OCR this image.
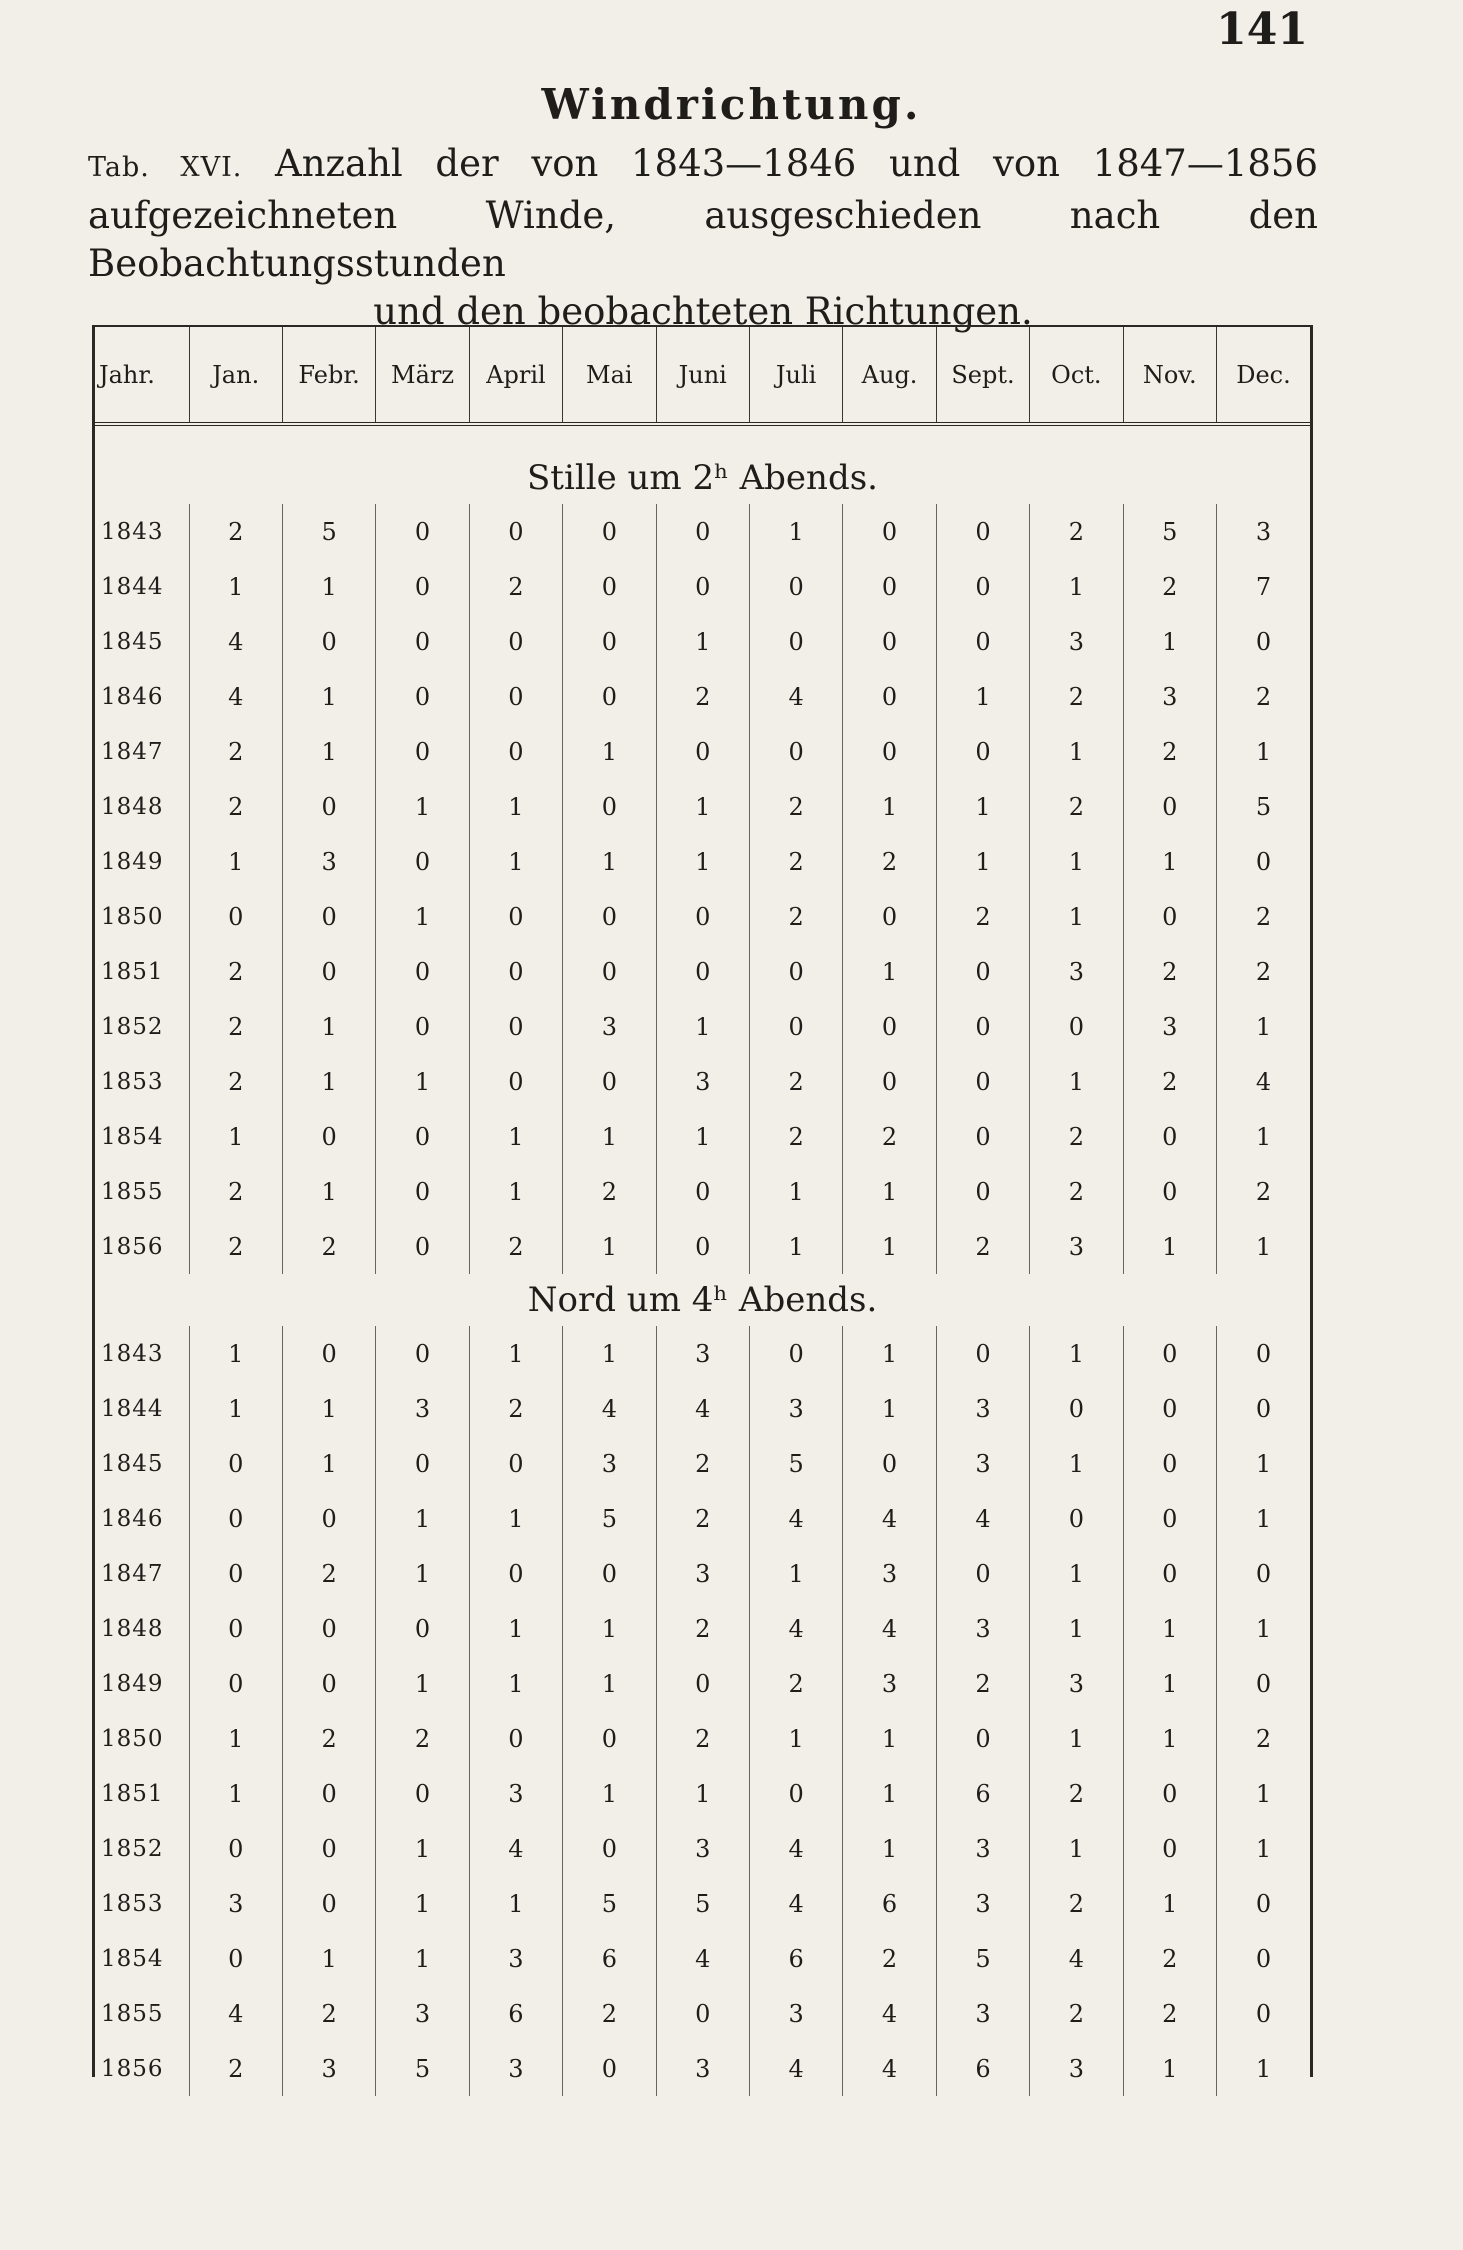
141
Windrichtung.
Tab. XVI. Anzahl der von 1843—1846 und von 1847—1856 aufgezeichneten Winde, ausgeschieden nach den Beobachtungsstunden
und den beobachteten Richtungen.
Jahr.	Jan.	Febr.	März	April	Mai	Juni	Juli	Aug.	Sept.	Oct.	Nov.	Dec.
Stille um 2ʰ Abends.												
1843	2	5	0	0	0	0	1	0	0	2	5	3
1844	1	1	0	2	0	0	0	0	0	1	2	7
1845	4	0	0	0	0	1	0	0	0	3	1	0
1846	4	1	0	0	0	2	4	0	1	2	3	2
1847	2	1	0	0	1	0	0	0	0	1	2	1
1848	2	0	1	1	0	1	2	1	1	2	0	5
1849	1	3	0	1	1	1	2	2	1	1	1	0
1850	0	0	1	0	0	0	2	0	2	1	0	2
1851	2	0	0	0	0	0	0	1	0	3	2	2
1852	2	1	0	0	3	1	0	0	0	0	3	1
1853	2	1	1	0	0	3	2	0	0	1	2	4
1854	1	0	0	1	1	1	2	2	0	2	0	1
1855	2	1	0	1	2	0	1	1	0	2	0	2
1856	2	2	0	2	1	0	1	1	2	3	1	1
Nord um 4ʰ Abends.												
1843	1	0	0	1	1	3	0	1	0	1	0	0
1844	1	1	3	2	4	4	3	1	3	0	0	0
1845	0	1	0	0	3	2	5	0	3	1	0	1
1846	0	0	1	1	5	2	4	4	4	0	0	1
1847	0	2	1	0	0	3	1	3	0	1	0	0
1848	0	0	0	1	1	2	4	4	3	1	1	1
1849	0	0	1	1	1	0	2	3	2	3	1	0
1850	1	2	2	0	0	2	1	1	0	1	1	2
1851	1	0	0	3	1	1	0	1	6	2	0	1
1852	0	0	1	4	0	3	4	1	3	1	0	1
1853	3	0	1	1	5	5	4	6	3	2	1	0
1854	0	1	1	3	6	4	6	2	5	4	2	0
1855	4	2	3	6	2	0	3	4	3	2	2	0
1856	2	3	5	3	0	3	4	4	6	3	1	1
